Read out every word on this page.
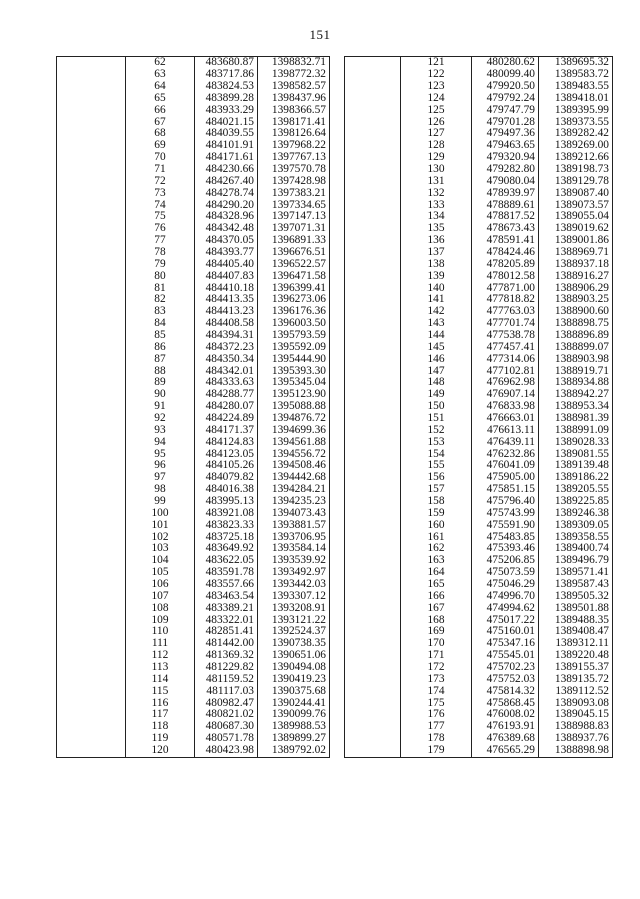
151
	62	483680.87	1398832.71
	63	483717.86	1398772.32
	64	483824.53	1398582.57
	65	483899.28	1398437.96
	66	483933.29	1398366.57
	67	484021.15	1398171.41
	68	484039.55	1398126.64
	69	484101.91	1397968.22
	70	484171.61	1397767.13
	71	484230.66	1397570.78
	72	484267.40	1397428.98
	73	484278.74	1397383.21
	74	484290.20	1397334.65
	75	484328.96	1397147.13
	76	484342.48	1397071.31
	77	484370.05	1396891.33
	78	484393.77	1396676.51
	79	484405.40	1396522.57
	80	484407.83	1396471.58
	81	484410.18	1396399.41
	82	484413.35	1396273.06
	83	484413.23	1396176.36
	84	484408.58	1396003.50
	85	484394.31	1395793.59
	86	484372.23	1395592.09
	87	484350.34	1395444.90
	88	484342.01	1395393.30
	89	484333.63	1395345.04
	90	484288.77	1395123.90
	91	484280.07	1395088.88
	92	484224.89	1394876.72
	93	484171.37	1394699.36
	94	484124.83	1394561.88
	95	484123.05	1394556.72
	96	484105.26	1394508.46
	97	484079.82	1394442.68
	98	484016.38	1394284.21
	99	483995.13	1394235.23
	100	483921.08	1394073.43
	101	483823.33	1393881.57
	102	483725.18	1393706.95
	103	483649.92	1393584.14
	104	483622.05	1393539.92
	105	483591.78	1393492.97
	106	483557.66	1393442.03
	107	483463.54	1393307.12
	108	483389.21	1393208.91
	109	483322.01	1393121.22
	110	482851.41	1392524.37
	111	481442.00	1390738.35
	112	481369.32	1390651.06
	113	481229.82	1390494.08
	114	481159.52	1390419.23
	115	481117.03	1390375.68
	116	480982.47	1390244.41
	117	480821.02	1390099.76
	118	480687.30	1389988.53
	119	480571.78	1389899.27
	120	480423.98	1389792.02
	121	480280.62	1389695.32
	122	480099.40	1389583.72
	123	479920.50	1389483.55
	124	479792.24	1389418.01
	125	479747.79	1389395.99
	126	479701.28	1389373.55
	127	479497.36	1389282.42
	128	479463.65	1389269.00
	129	479320.94	1389212.66
	130	479282.80	1389198.73
	131	479080.04	1389129.78
	132	478939.97	1389087.40
	133	478889.61	1389073.57
	134	478817.52	1389055.04
	135	478673.43	1389019.62
	136	478591.41	1389001.86
	137	478424.46	1388969.71
	138	478205.89	1388937.18
	139	478012.58	1388916.27
	140	477871.00	1388906.29
	141	477818.82	1388903.25
	142	477763.03	1388900.60
	143	477701.74	1388898.75
	144	477538.78	1388896.89
	145	477457.41	1388899.07
	146	477314.06	1388903.98
	147	477102.81	1388919.71
	148	476962.98	1388934.88
	149	476907.14	1388942.27
	150	476833.98	1388953.34
	151	476663.01	1388981.39
	152	476613.11	1388991.09
	153	476439.11	1389028.33
	154	476232.86	1389081.55
	155	476041.09	1389139.48
	156	475905.00	1389186.22
	157	475851.15	1389205.55
	158	475796.40	1389225.85
	159	475743.99	1389246.38
	160	475591.90	1389309.05
	161	475483.85	1389358.55
	162	475393.46	1389400.74
	163	475206.85	1389496.79
	164	475073.59	1389571.41
	165	475046.29	1389587.43
	166	474996.70	1389505.32
	167	474994.62	1389501.88
	168	475017.22	1389488.35
	169	475160.01	1389408.47
	170	475347.16	1389312.11
	171	475545.01	1389220.48
	172	475702.23	1389155.37
	173	475752.03	1389135.72
	174	475814.32	1389112.52
	175	475868.45	1389093.08
	176	476008.02	1389045.15
	177	476193.91	1388988.83
	178	476389.68	1388937.76
	179	476565.29	1388898.98
